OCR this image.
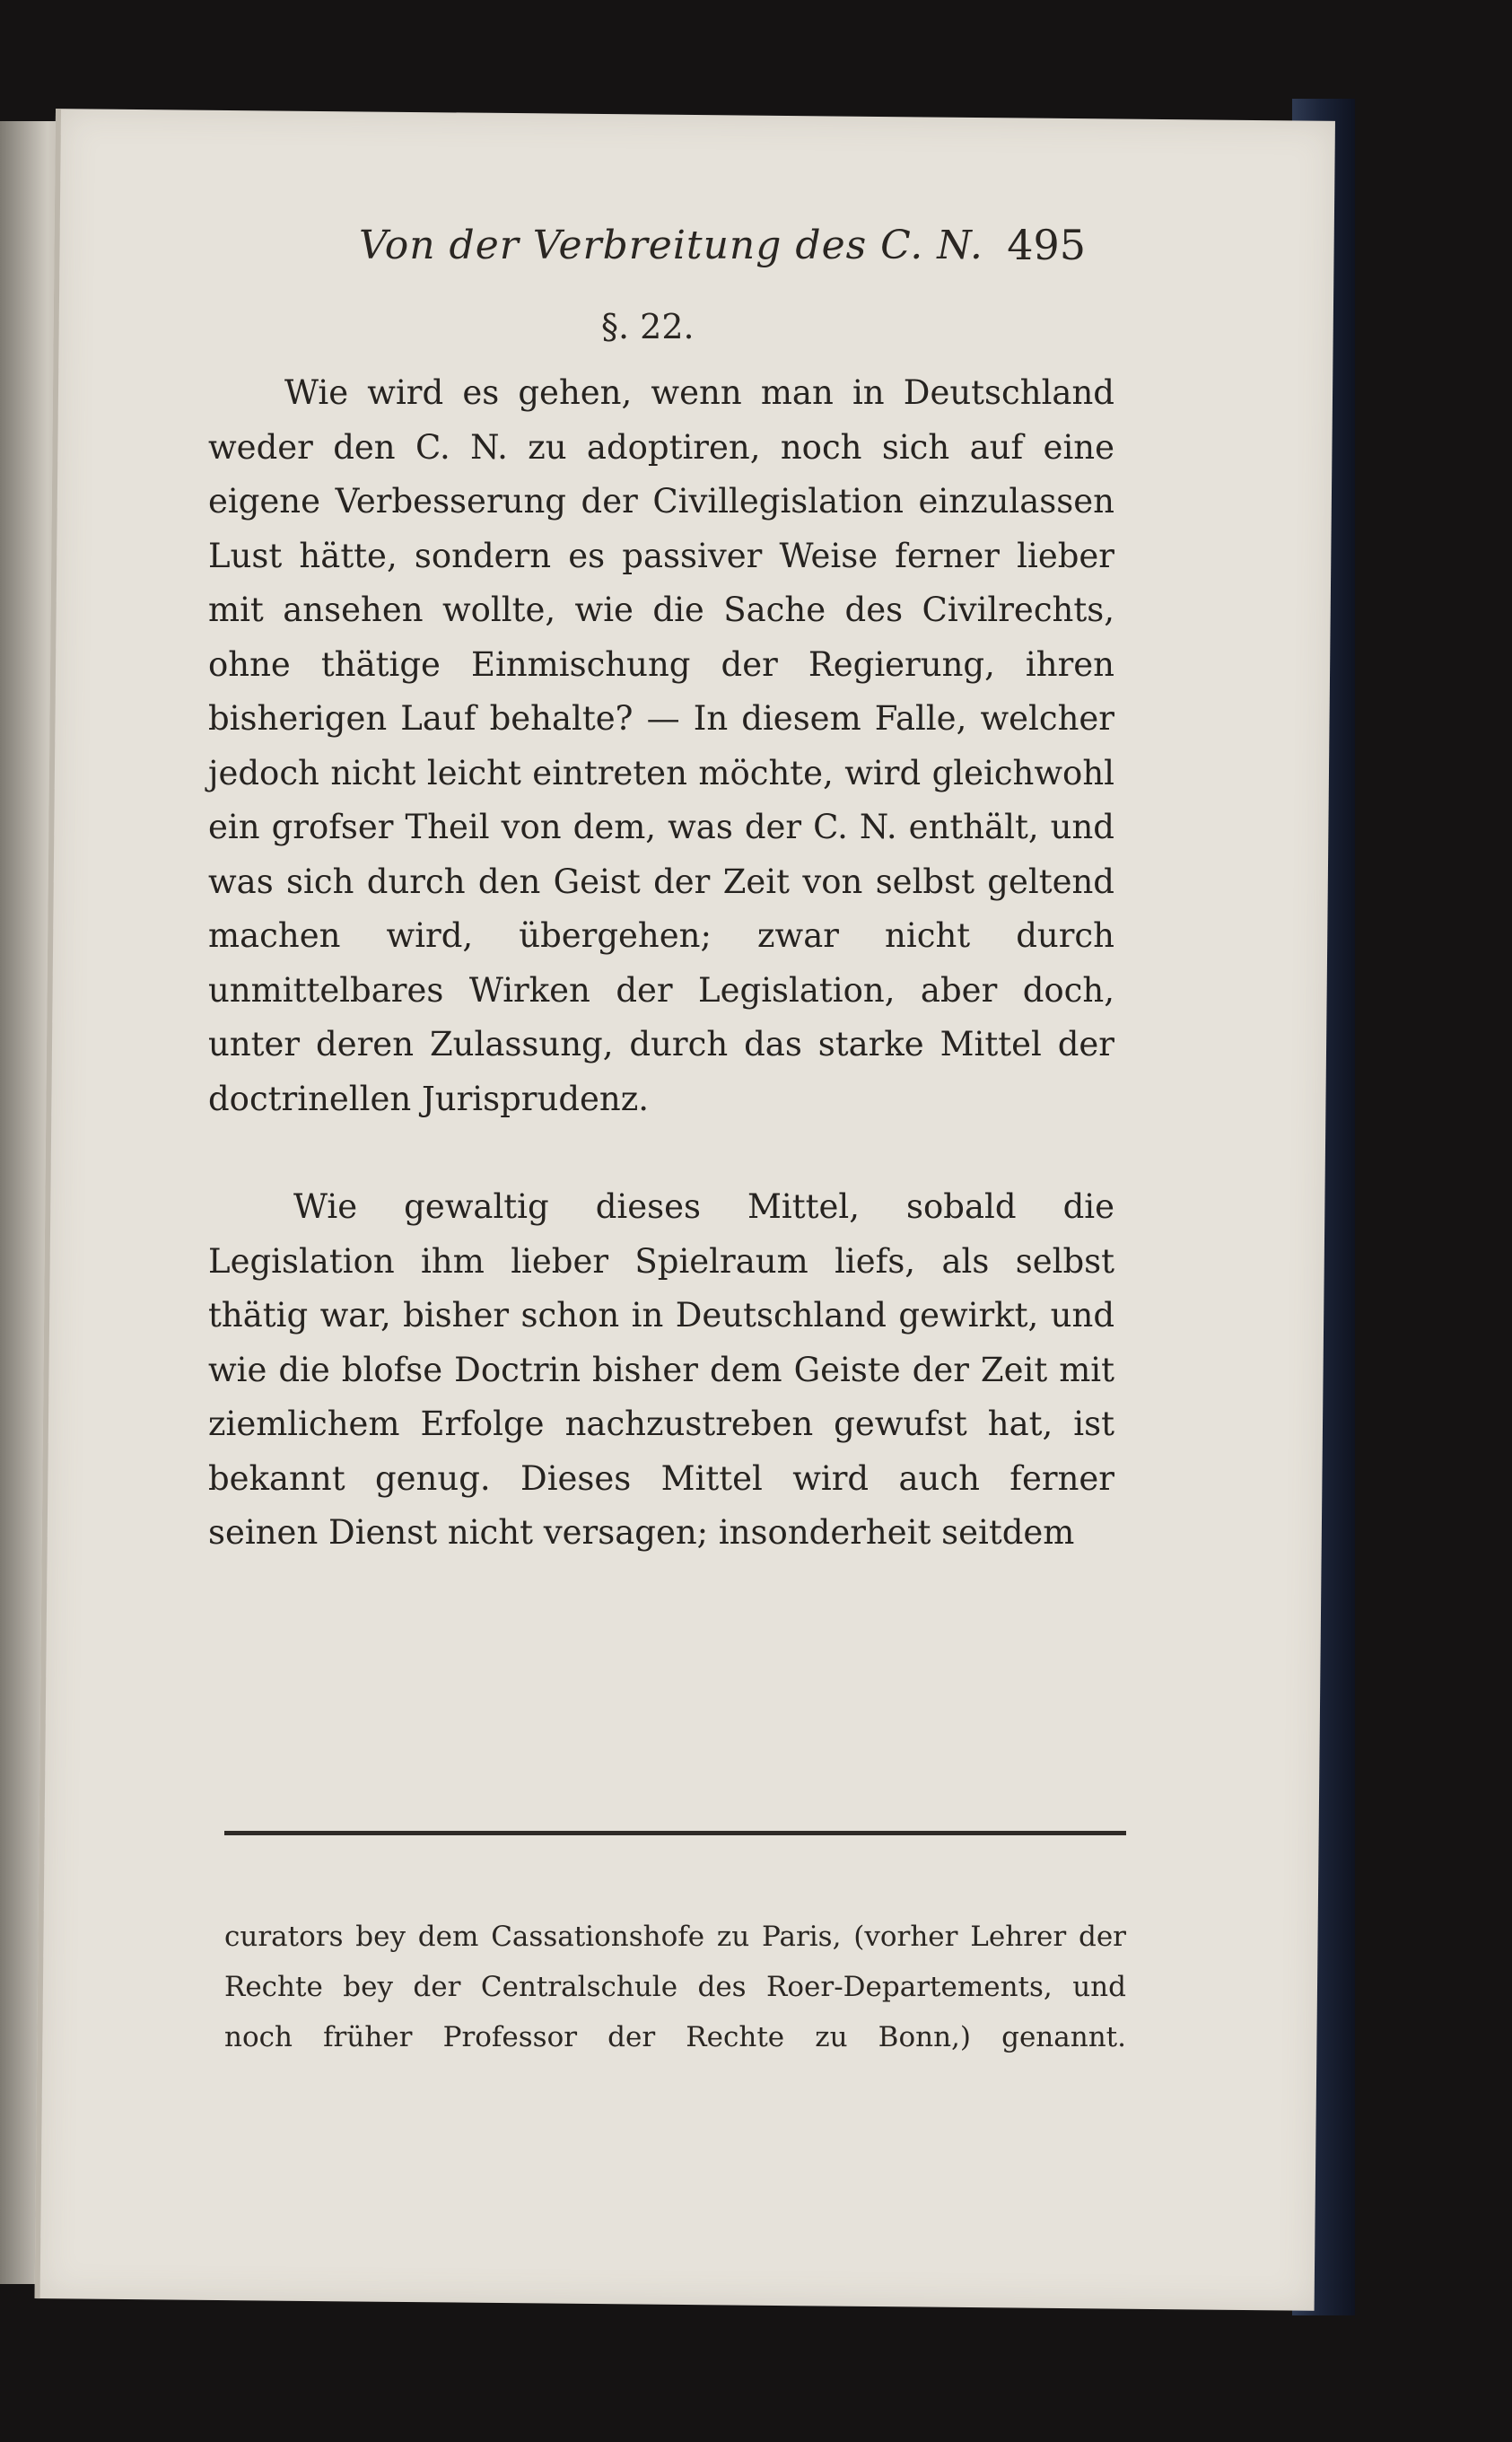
Von der Verbreitung des C. N. 495
§. 22.

Wie wird es gehen, wenn man in Deutschland weder den C. N. zu adoptiren, noch sich auf eine eigene Verbesserung der Civillegislation einzulassen Lust hätte, sondern es passiver Weise ferner lieber mit ansehen wollte, wie die Sache des Civilrechts, ohne thätige Einmischung der Regierung, ihren bisherigen Lauf behalte? — In diesem Falle, welcher jedoch nicht leicht eintreten möchte, wird gleichwohl ein grofser Theil von dem, was der C. N. enthält, und was sich durch den Geist der Zeit von selbst geltend machen wird, übergehen; zwar nicht durch unmittelbares Wirken der Legislation, aber doch, unter deren Zulassung, durch das starke Mittel der doctrinellen Jurisprudenz.

Wie gewaltig dieses Mittel, sobald die Legislation ihm lieber Spielraum liefs, als selbst thätig war, bisher schon in Deutschland gewirkt, und wie die blofse Doctrin bisher dem Geiste der Zeit mit ziemlichem Erfolge nachzustreben gewufst hat, ist bekannt genug. Dieses Mittel wird auch ferner seinen Dienst nicht versagen; insonderheit seitdem

curators bey dem Cassationshofe zu Paris, (vorher Lehrer der Rechte bey der Centralschule des Roer-Departements, und noch früher Professor der Rechte zu Bonn,) genannt.
